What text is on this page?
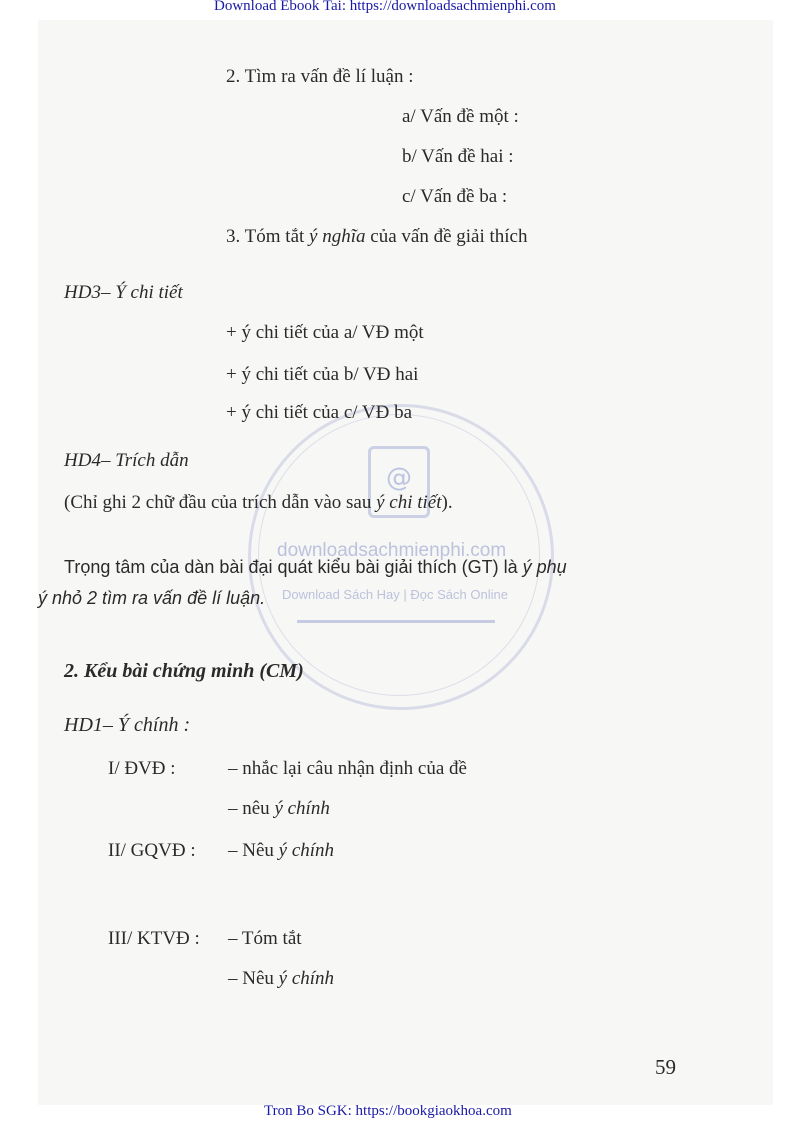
@
downloadsachmienphi.com
Download Sách Hay | Đọc Sách Online
Download Ebook Tai: https://downloadsachmienphi.com
Tron Bo SGK: https://bookgiaokhoa.com
2. Tìm ra vấn đề lí luận :
a/ Vấn đề một :
b/ Vấn đề hai :
c/ Vấn đề ba :
3. Tóm tắt ý nghĩa của vấn đề giải thích
HD3– Ý chi tiết
+ ý chi tiết của a/ VĐ một
+ ý chi tiết của b/ VĐ hai
+ ý chi tiết của c/ VĐ ba
HD4– Trích dẫn
(Chỉ ghi 2 chữ đầu của trích dẫn vào sau ý chi tiết).
Trọng tâm của dàn bài đại quát kiểu bài giải thích (GT) là ý phụ
ý nhỏ 2 tìm ra vấn đề lí luận.
2. Kểu bài chứng minh (CM)
HD1– Ý chính :
I/ ĐVĐ :	– nhắc lại câu nhận định của đề
– nêu ý chính
II/ GQVĐ : – Nêu ý chính
III/ KTVĐ : – Tóm tắt
– Nêu ý chính
59
